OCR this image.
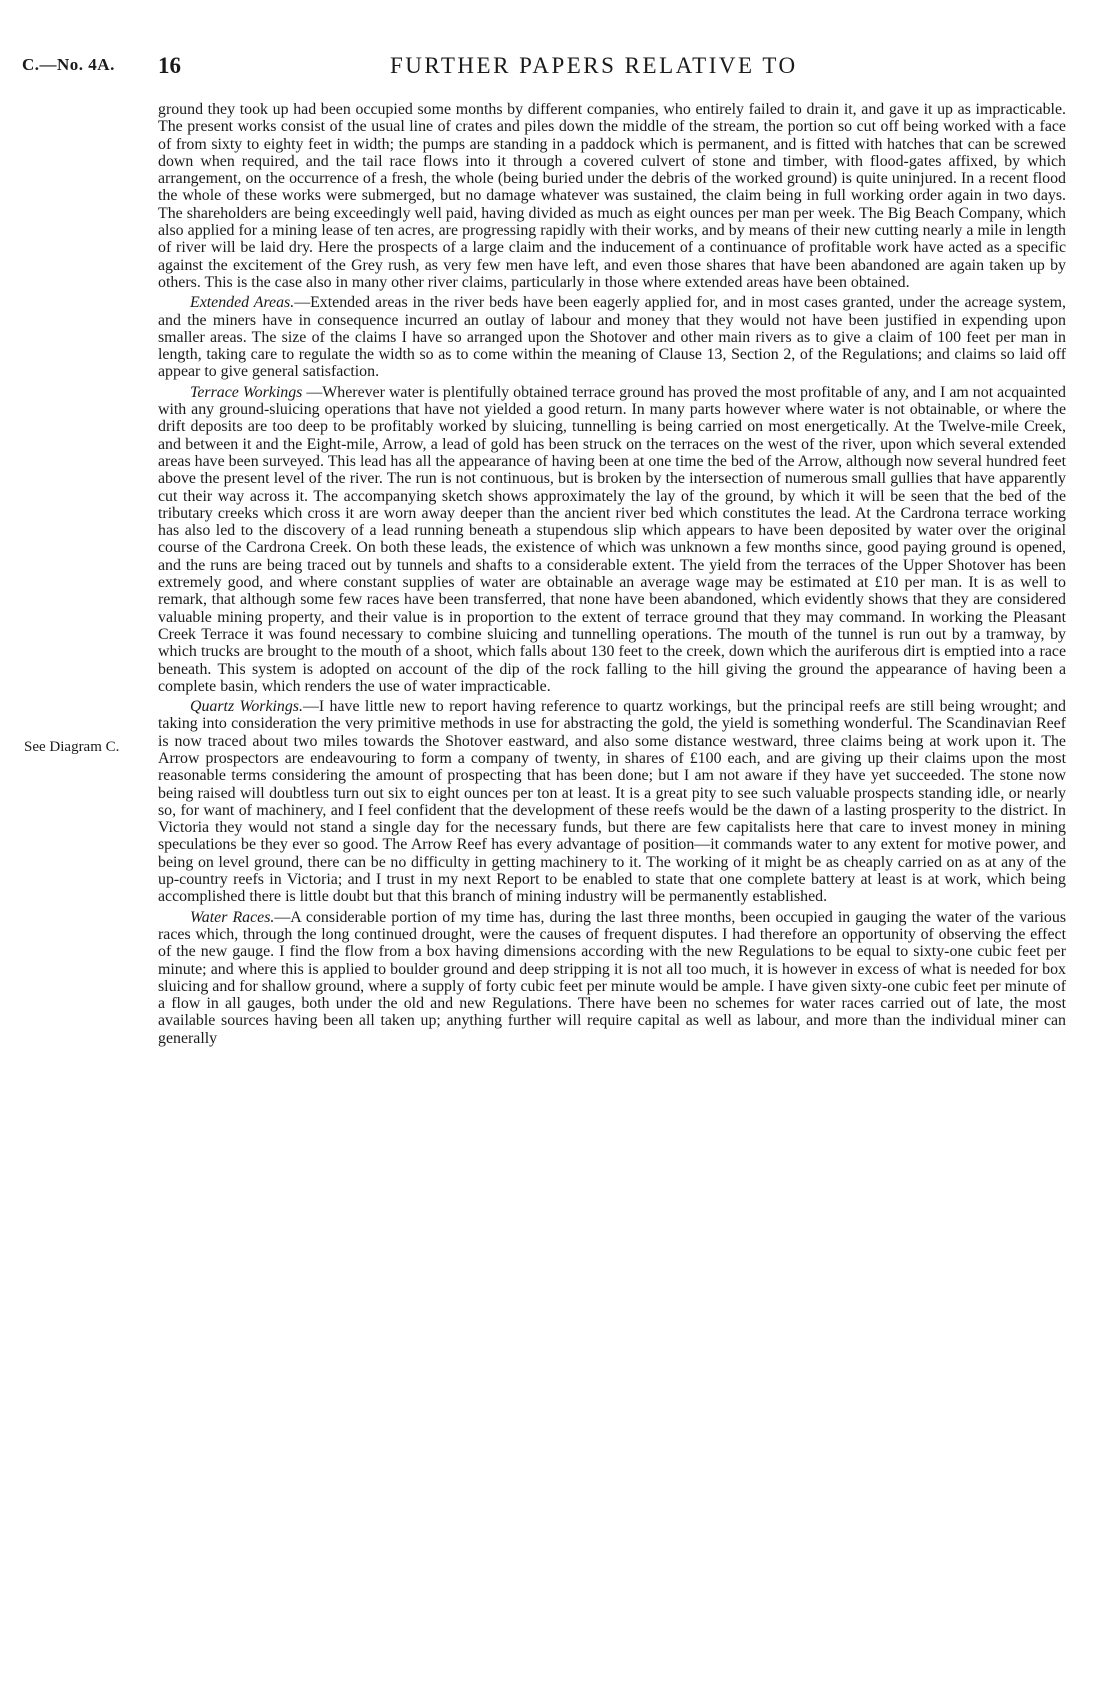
C.—No. 4A. 16	FURTHER PAPERS RELATIVE TO
See Diagram C.

ground they took up had been occupied some months by different companies, who entirely failed to drain it, and gave it up as impracticable. The present works consist of the usual line of crates and piles down the middle of the stream, the portion so cut off being worked with a face of from sixty to eighty feet in width; the pumps are standing in a paddock which is permanent, and is fitted with hatches that can be screwed down when required, and the tail race flows into it through a covered culvert of stone and timber, with flood-gates affixed, by which arrangement, on the occurrence of a fresh, the whole (being buried under the debris of the worked ground) is quite uninjured. In a recent flood the whole of these works were submerged, but no damage whatever was sustained, the claim being in full working order again in two days. The shareholders are being exceedingly well paid, having divided as much as eight ounces per man per week. The Big Beach Company, which also applied for a mining lease of ten acres, are progressing rapidly with their works, and by means of their new cutting nearly a mile in length of river will be laid dry. Here the prospects of a large claim and the inducement of a continuance of profitable work have acted as a specific against the excitement of the Grey rush, as very few men have left, and even those shares that have been abandoned are again taken up by others. This is the case also in many other river claims, particularly in those where extended areas have been obtained.

Extended Areas.—Extended areas in the river beds have been eagerly applied for, and in most cases granted, under the acreage system, and the miners have in consequence incurred an outlay of labour and money that they would not have been justified in expending upon smaller areas. The size of the claims I have so arranged upon the Shotover and other main rivers as to give a claim of 100 feet per man in length, taking care to regulate the width so as to come within the meaning of Clause 13, Section 2, of the Regulations; and claims so laid off appear to give general satisfaction.

Terrace Workings —Wherever water is plentifully obtained terrace ground has proved the most profitable of any, and I am not acquainted with any ground-sluicing operations that have not yielded a good return. In many parts however where water is not obtainable, or where the drift deposits are too deep to be profitably worked by sluicing, tunnelling is being carried on most energetically. At the Twelve-mile Creek, and between it and the Eight-mile, Arrow, a lead of gold has been struck on the terraces on the west of the river, upon which several extended areas have been surveyed. This lead has all the appearance of having been at one time the bed of the Arrow, although now several hundred feet above the present level of the river. The run is not continuous, but is broken by the intersection of numerous small gullies that have apparently cut their way across it. The accompanying sketch shows approximately the lay of the ground, by which it will be seen that the bed of the tributary creeks which cross it are worn away deeper than the ancient river bed which constitutes the lead. At the Cardrona terrace working has also led to the discovery of a lead running beneath a stupendous slip which appears to have been deposited by water over the original course of the Cardrona Creek. On both these leads, the existence of which was unknown a few months since, good paying ground is opened, and the runs are being traced out by tunnels and shafts to a considerable extent. The yield from the terraces of the Upper Shotover has been extremely good, and where constant supplies of water are obtainable an average wage may be estimated at £10 per man. It is as well to remark, that although some few races have been transferred, that none have been abandoned, which evidently shows that they are considered valuable mining property, and their value is in proportion to the extent of terrace ground that they may command. In working the Pleasant Creek Terrace it was found necessary to combine sluicing and tunnelling operations. The mouth of the tunnel is run out by a tramway, by which trucks are brought to the mouth of a shoot, which falls about 130 feet to the creek, down which the auriferous dirt is emptied into a race beneath. This system is adopted on account of the dip of the rock falling to the hill giving the ground the appearance of having been a complete basin, which renders the use of water impracticable.

Quartz Workings.—I have little new to report having reference to quartz workings, but the principal reefs are still being wrought; and taking into consideration the very primitive methods in use for abstracting the gold, the yield is something wonderful. The Scandinavian Reef is now traced about two miles towards the Shotover eastward, and also some distance westward, three claims being at work upon it. The Arrow prospectors are endeavouring to form a company of twenty, in shares of £100 each, and are giving up their claims upon the most reasonable terms considering the amount of prospecting that has been done; but I am not aware if they have yet succeeded. The stone now being raised will doubtless turn out six to eight ounces per ton at least. It is a great pity to see such valuable prospects standing idle, or nearly so, for want of machinery, and I feel confident that the development of these reefs would be the dawn of a lasting prosperity to the district. In Victoria they would not stand a single day for the necessary funds, but there are few capitalists here that care to invest money in mining speculations be they ever so good. The Arrow Reef has every advantage of position—it commands water to any extent for motive power, and being on level ground, there can be no difficulty in getting machinery to it. The working of it might be as cheaply carried on as at any of the up-country reefs in Victoria; and I trust in my next Report to be enabled to state that one complete battery at least is at work, which being accomplished there is little doubt but that this branch of mining industry will be permanently established.

Water Races.—A considerable portion of my time has, during the last three months, been occupied in gauging the water of the various races which, through the long continued drought, were the causes of frequent disputes. I had therefore an opportunity of observing the effect of the new gauge. I find the flow from a box having dimensions according with the new Regulations to be equal to sixty-one cubic feet per minute; and where this is applied to boulder ground and deep stripping it is not all too much, it is however in excess of what is needed for box sluicing and for shallow ground, where a supply of forty cubic feet per minute would be ample. I have given sixty-one cubic feet per minute of a flow in all gauges, both under the old and new Regulations. There have been no schemes for water races carried out of late, the most available sources having been all taken up; anything further will require capital as well as labour, and more than the individual miner can generally
